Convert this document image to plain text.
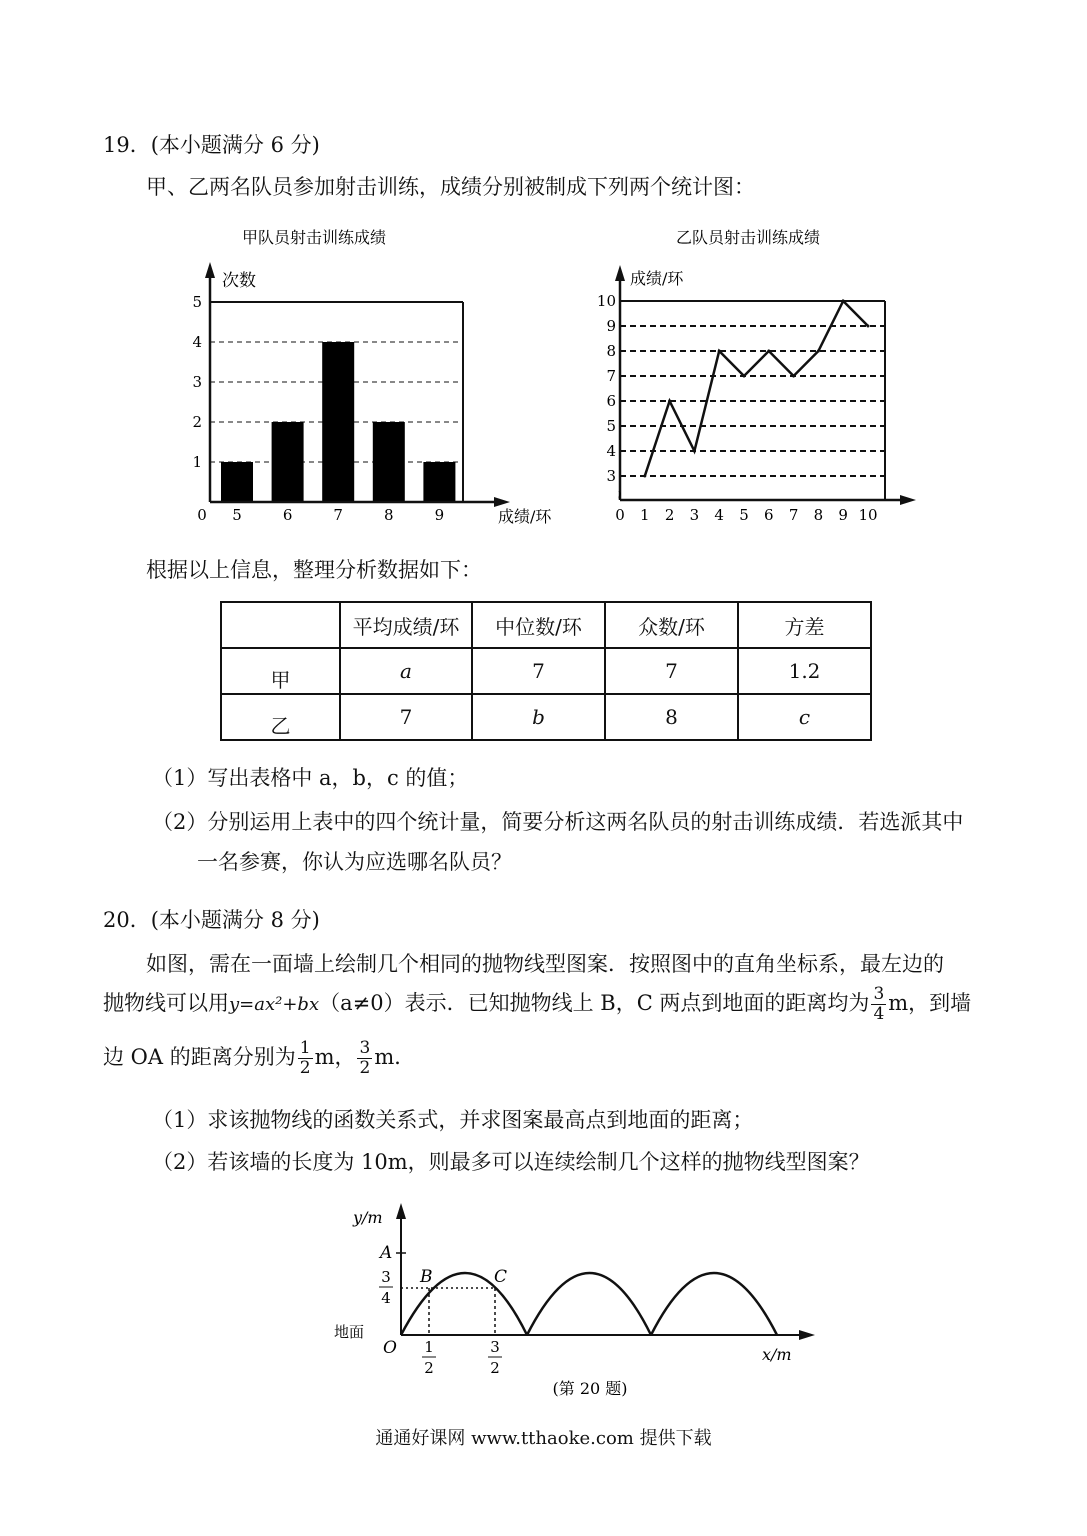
19．(本小题满分 6 分)
甲、乙两名队员参加射击训练，成绩分别被制成下列两个统计图：
甲队员射击训练成绩
次数
成绩/环
0 5	6	7	8	9
1
2
3
4
5
乙队员射击训练成绩
≀
成绩/环
0 1 2 3 4 5 6 7 8 9 10
3
4
5
6
7
8
9
10
根据以上信息，整理分析数据如下：
	平均成绩/环	中位数/环	众数/环	方差
甲	a	7	7	1.2
乙	7	b	8	c
（1）写出表格中 a，b，c 的值；
（2）分别运用上表中的四个统计量，简要分析这两名队员的射击训练成绩．若选派其中
一名参赛，你认为应选哪名队员？
20．(本小题满分 8 分)
如图，需在一面墙上绘制几个相同的抛物线型图案．按照图中的直角坐标系，最左边的
抛物线可以用y=ax²+bx（a≠0）表示．已知抛物线上 B，C 两点到地面的距离均为 $\frac{3}{4}$ m，到墙
边 OA 的距离分别为 $\frac{1}{2}$ m， $\frac{3}{2}$ m．
（1）求该抛物线的函数关系式，并求图案最高点到地面的距离；
（2）若该墙的长度为 10m，则最多可以连续绘制几个这样的抛物线型图案？
y/m
x/m
A
B	C
O
地面
3
4
1
2
3
2
(第 20 题)
通通好课网 www.tthaoke.com 提供下载
